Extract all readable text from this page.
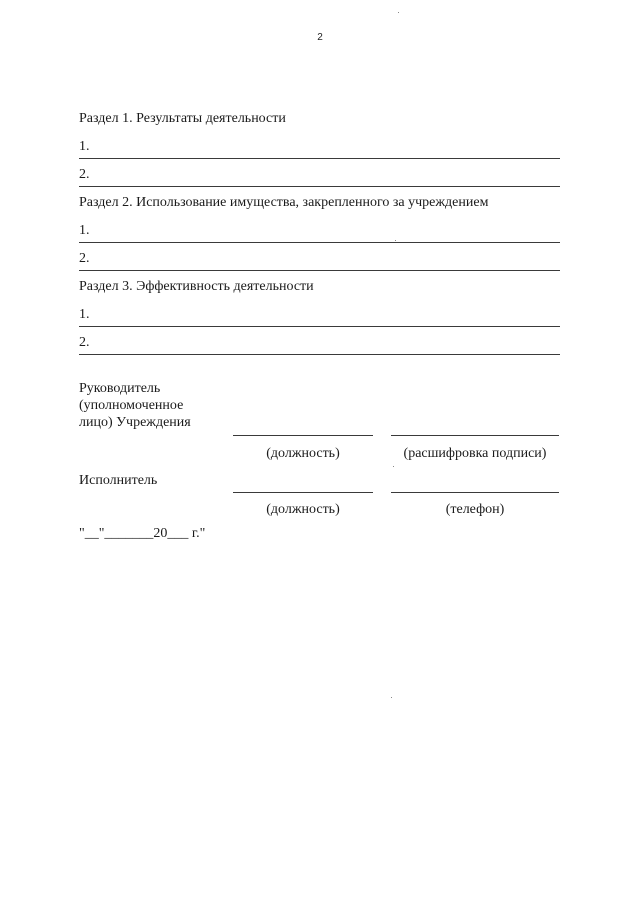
2
Раздел 1. Результаты деятельности
1.
2.
Раздел 2. Использование имущества, закрепленного за учреждением
1.
2.
Раздел 3. Эффективность деятельности
1.
2.
Руководитель
(уполномоченное
лицо) Учреждения
(должность)	(расшифровка подписи)
Исполнитель
(должность)	(телефон)
"__"_______20___ г."
